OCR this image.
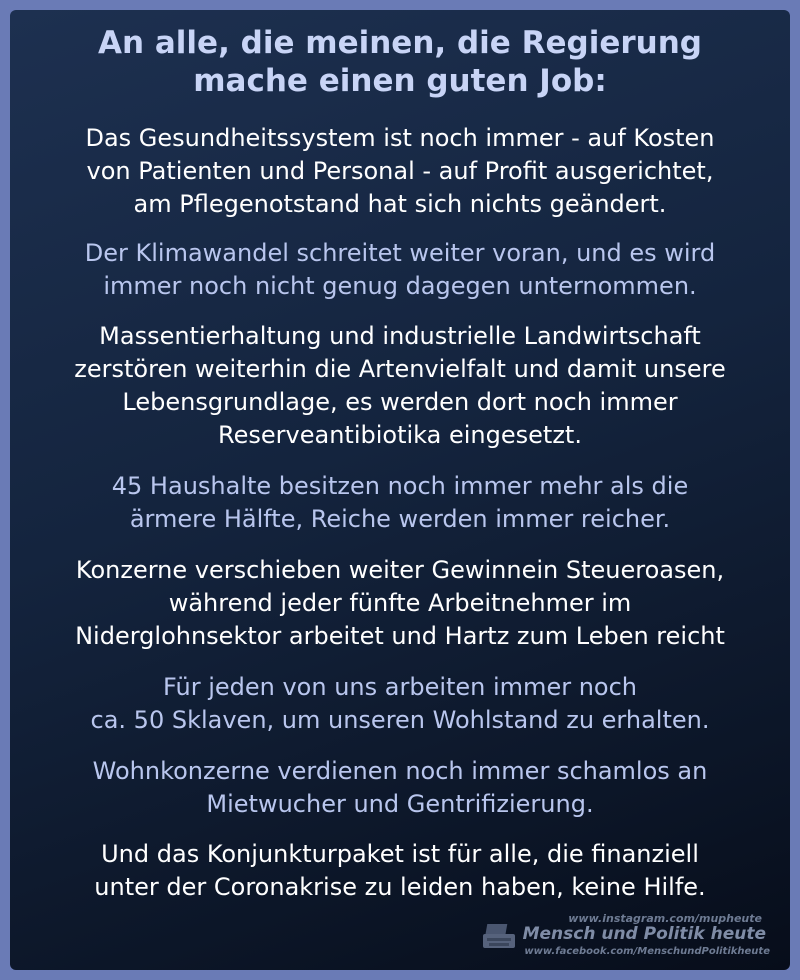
An alle, die meinen, die Regierung
mache einen guten Job:
Das Gesundheitssystem ist noch immer - auf Kosten
von Patienten und Personal - auf Profit ausgerichtet,
am Pflegenotstand hat sich nichts geändert.
Der Klimawandel schreitet weiter voran, und es wird
immer noch nicht genug dagegen unternommen.
Massentierhaltung und industrielle Landwirtschaft
zerstören weiterhin die Artenvielfalt und damit unsere
Lebensgrundlage, es werden dort noch immer
Reserveantibiotika eingesetzt.
45 Haushalte besitzen noch immer mehr als die
ärmere Hälfte, Reiche werden immer reicher.
Konzerne verschieben weiter Gewinnein Steueroasen,
während jeder fünfte Arbeitnehmer im
Niderglohnsektor arbeitet und Hartz zum Leben reicht
Für jeden von uns arbeiten immer noch
ca. 50 Sklaven, um unseren Wohlstand zu erhalten.
Wohnkonzerne verdienen noch immer schamlos an
Mietwucher und Gentrifizierung.
Und das Konjunkturpaket ist für alle, die finanziell
unter der Coronakrise zu leiden haben, keine Hilfe.
www.instagram.com/mupheute
Mensch und Politik heute
www.facebook.com/MenschundPolitikheute
